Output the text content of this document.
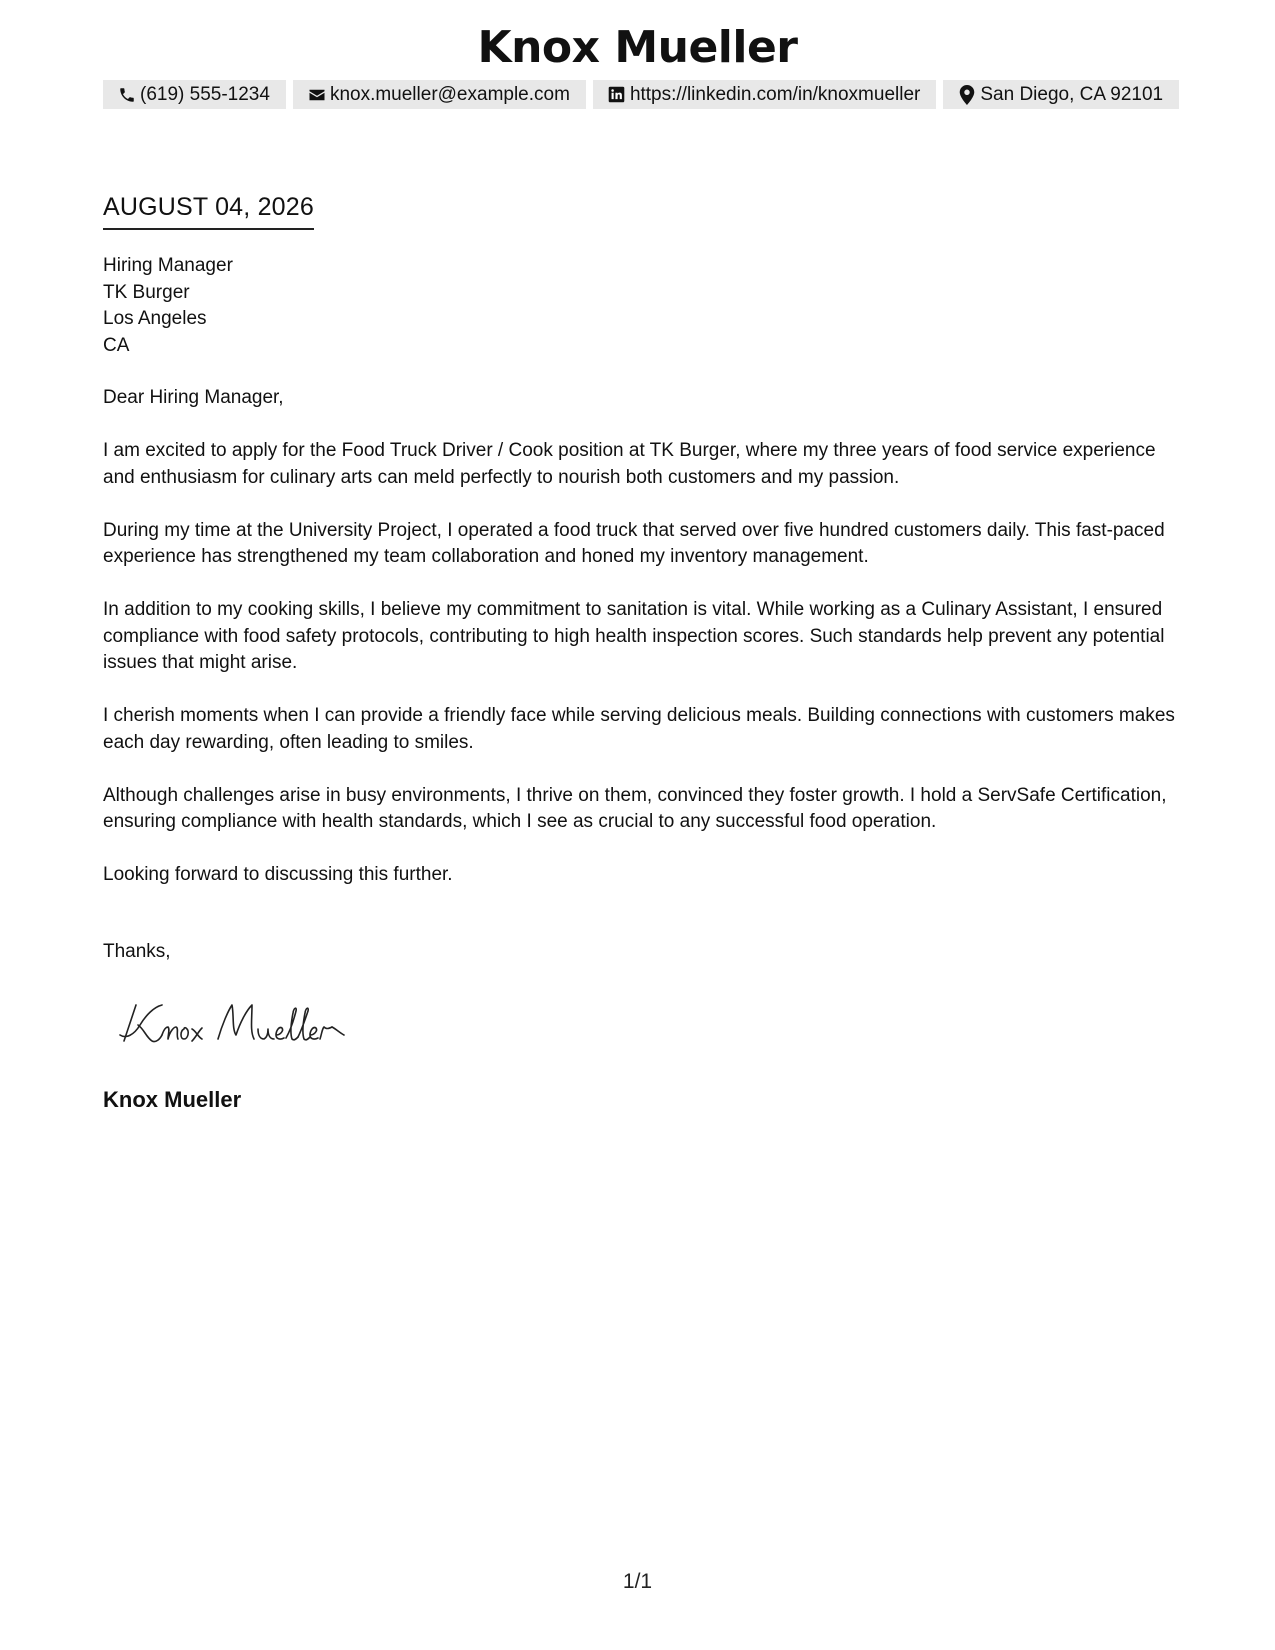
Knox Mueller
(619) 555-1234	knox.mueller@example.com	https://linkedin.com/in/knoxmueller	San Diego, CA 92101
AUGUST 04, 2026
Hiring Manager
TK Burger
Los Angeles
CA

Dear Hiring Manager,

I am excited to apply for the Food Truck Driver / Cook position at TK Burger, where my three years of food service experience and enthusiasm for culinary arts can meld perfectly to nourish both customers and my passion.

During my time at the University Project, I operated a food truck that served over five hundred customers daily. This fast-paced experience has strengthened my team collaboration and honed my inventory management.

In addition to my cooking skills, I believe my commitment to sanitation is vital. While working as a Culinary Assistant, I ensured compliance with food safety protocols, contributing to high health inspection scores. Such standards help prevent any potential issues that might arise.

I cherish moments when I can provide a friendly face while serving delicious meals. Building connections with customers makes each day rewarding, often leading to smiles.

Although challenges arise in busy environments, I thrive on them, convinced they foster growth. I hold a ServSafe Certification, ensuring compliance with health standards, which I see as crucial to any successful food operation.

Looking forward to discussing this further.

Thanks,
Knox Mueller
1/1
